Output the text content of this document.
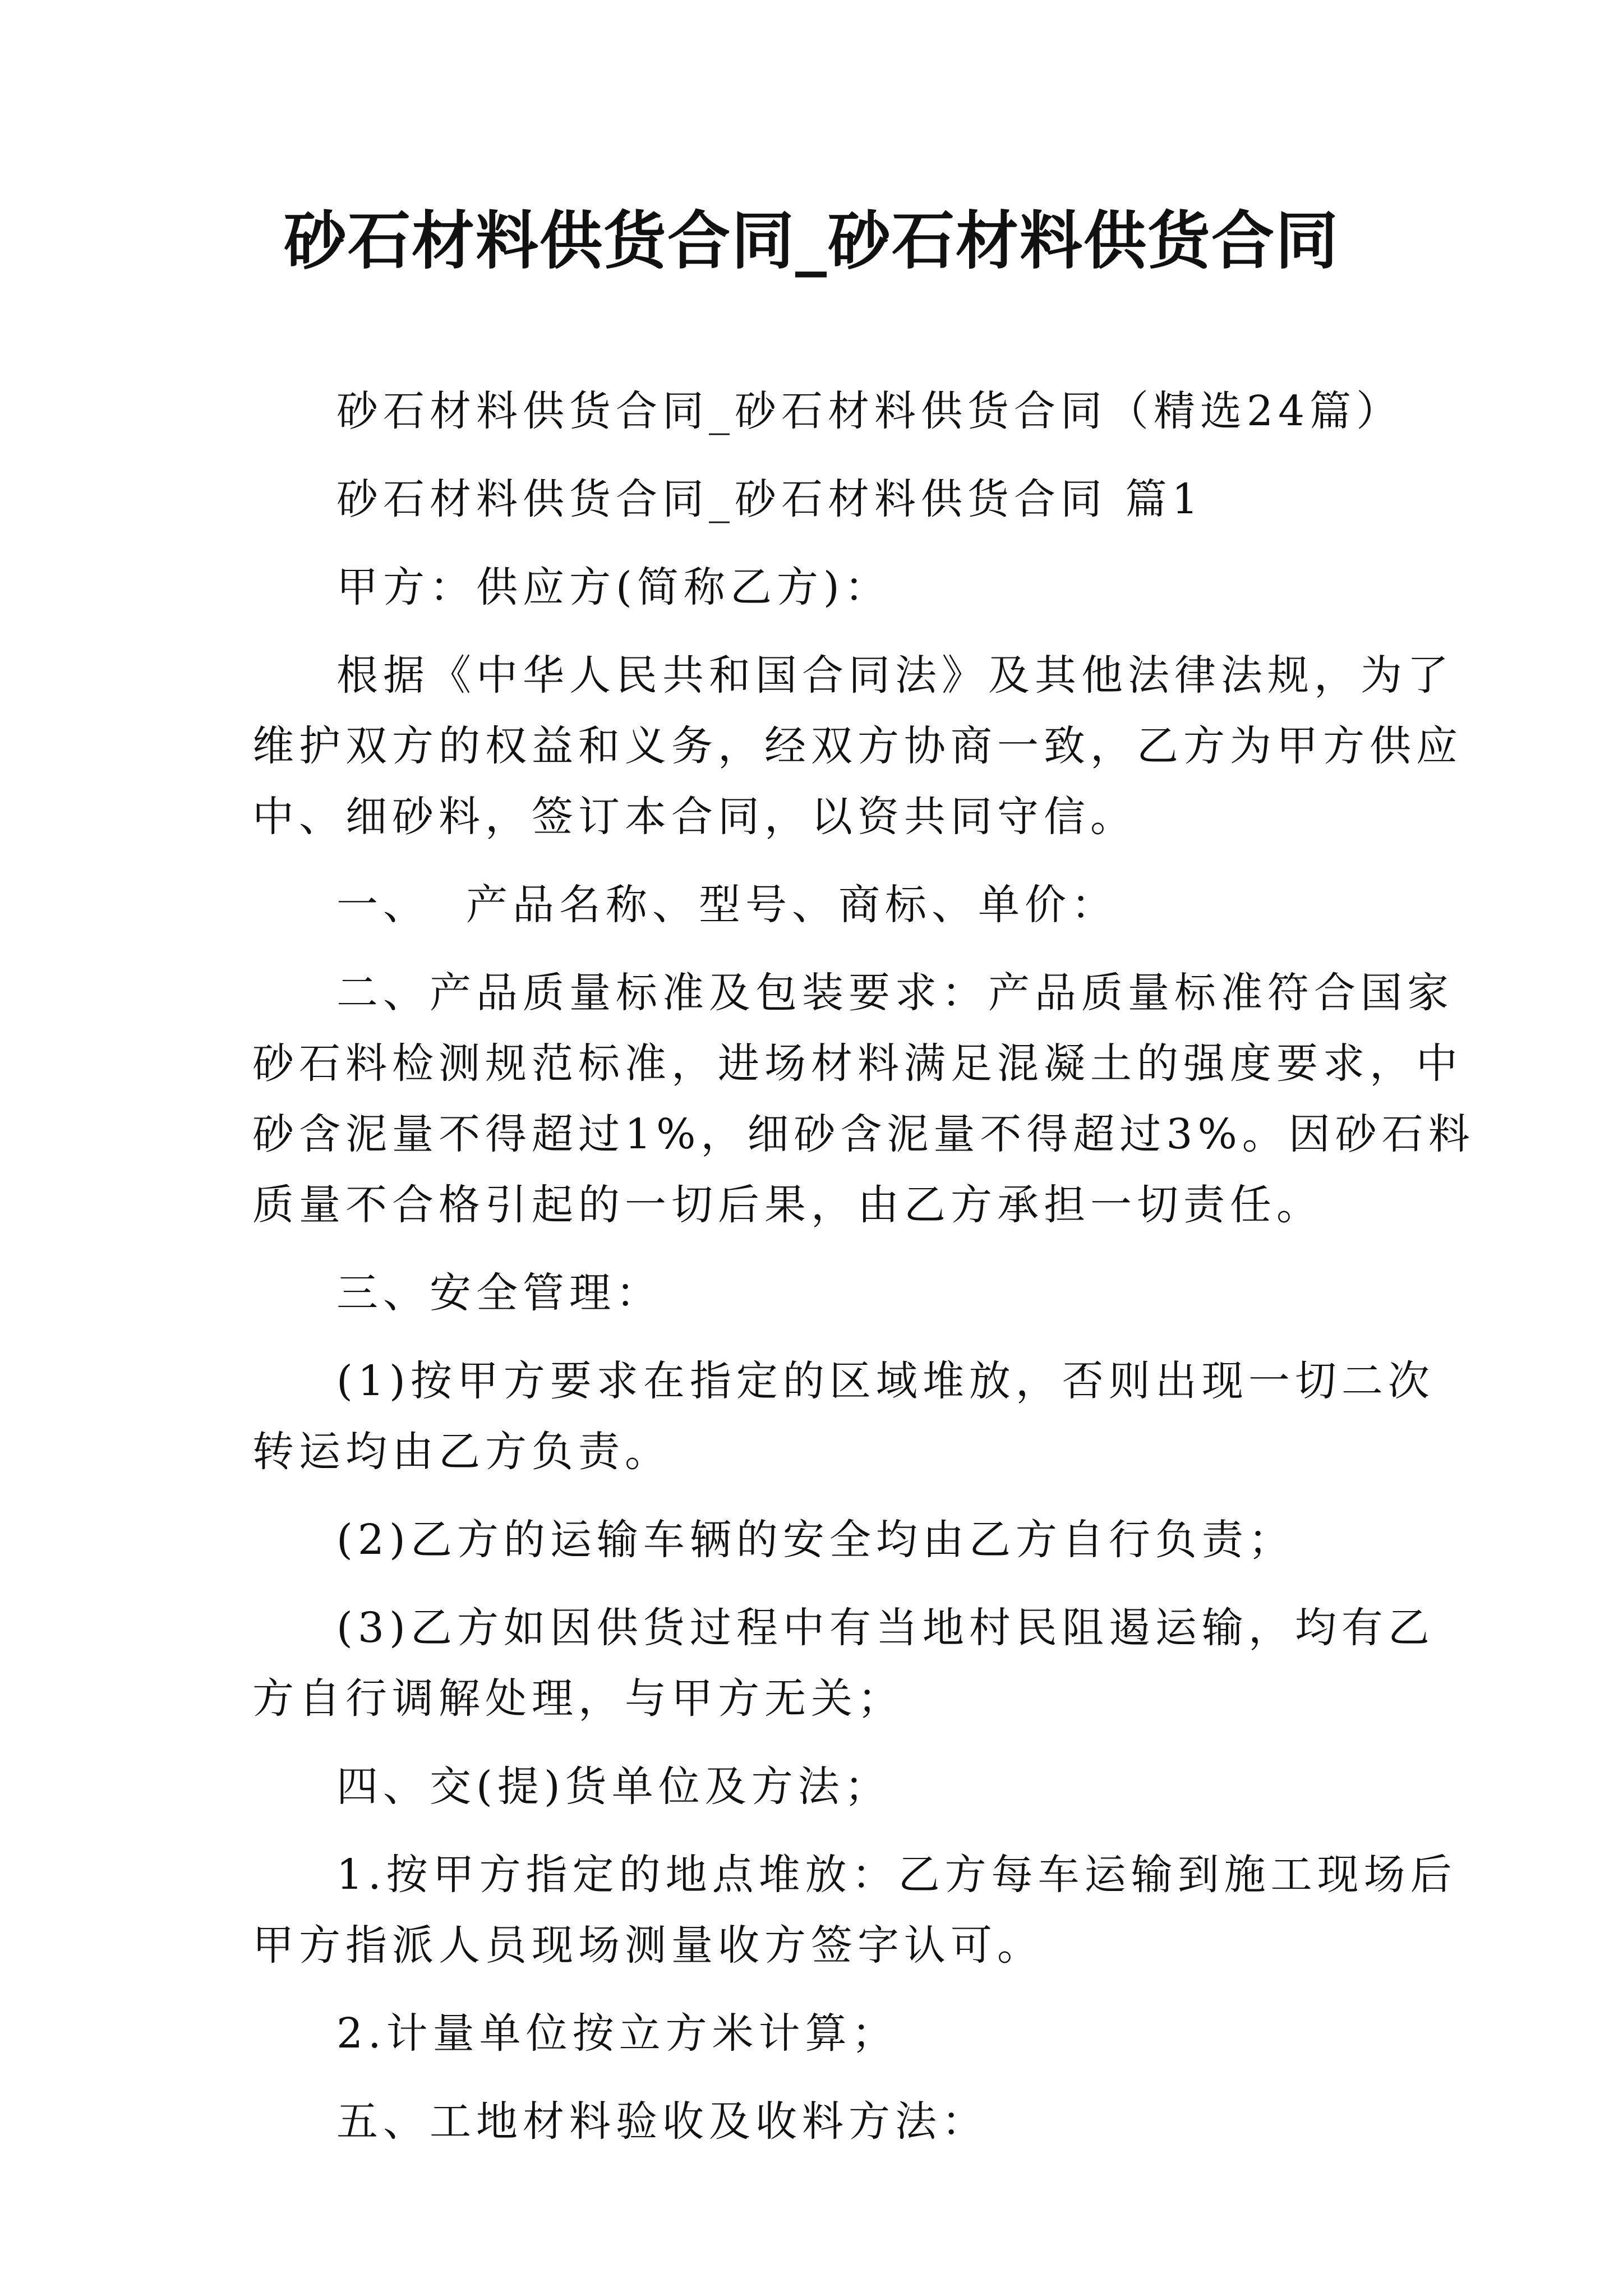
砂石材料供货合同_砂石材料供货合同
砂石材料供货合同_砂石材料供货合同（精选24篇）
砂石材料供货合同_砂石材料供货合同 篇1
甲方：供应方(简称乙方)：
根据《中华人民共和国合同法》及其他法律法规，为了
维护双方的权益和义务，经双方协商一致，乙方为甲方供应
中、细砂料，签订本合同，以资共同守信。
一、  产品名称、型号、商标、单价：
二、产品质量标准及包装要求：产品质量标准符合国家
砂石料检测规范标准，进场材料满足混凝土的强度要求，中
砂含泥量不得超过1%，细砂含泥量不得超过3%。因砂石料
质量不合格引起的一切后果，由乙方承担一切责任。
三、安全管理：
(1)按甲方要求在指定的区域堆放，否则出现一切二次
转运均由乙方负责。
(2)乙方的运输车辆的安全均由乙方自行负责；
(3)乙方如因供货过程中有当地村民阻遏运输，均有乙
方自行调解处理，与甲方无关；
四、交(提)货单位及方法；
1.按甲方指定的地点堆放：乙方每车运输到施工现场后
甲方指派人员现场测量收方签字认可。
2.计量单位按立方米计算；
五、工地材料验收及收料方法：
